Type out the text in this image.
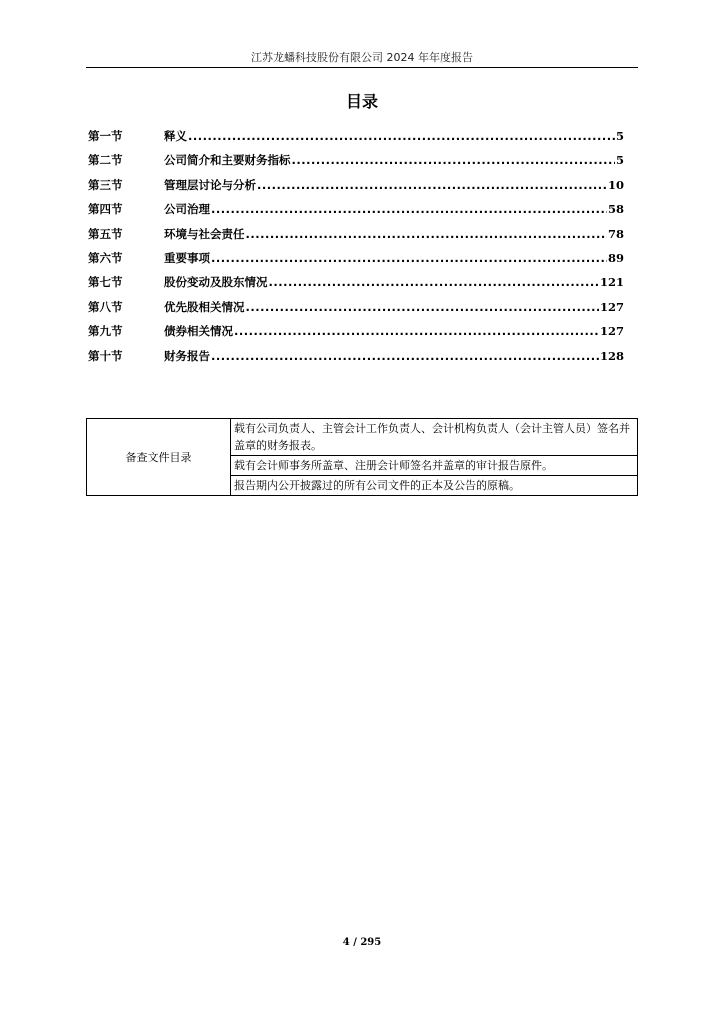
江苏龙蟠科技股份有限公司 2024 年年度报告
目录
第一节	释义 .....	5
第二节	公司简介和主要财务指标 .....	5
第三节	管理层讨论与分析 .....	10
第四节	公司治理 .....	58
第五节	环境与社会责任 .....	78
第六节	重要事项 .....	89
第七节	股份变动及股东情况 .....	121
第八节	优先股相关情况 .....	127
第九节	债券相关情况 .....	127
第十节	财务报告 .....	128
备查文件目录	载有公司负责人、主管会计工作负责人、会计机构负责人（会计主管人员）签名并盖章的财务报表。
载有会计师事务所盖章、注册会计师签名并盖章的审计报告原件。
报告期内公开披露过的所有公司文件的正本及公告的原稿。
4 / 295
